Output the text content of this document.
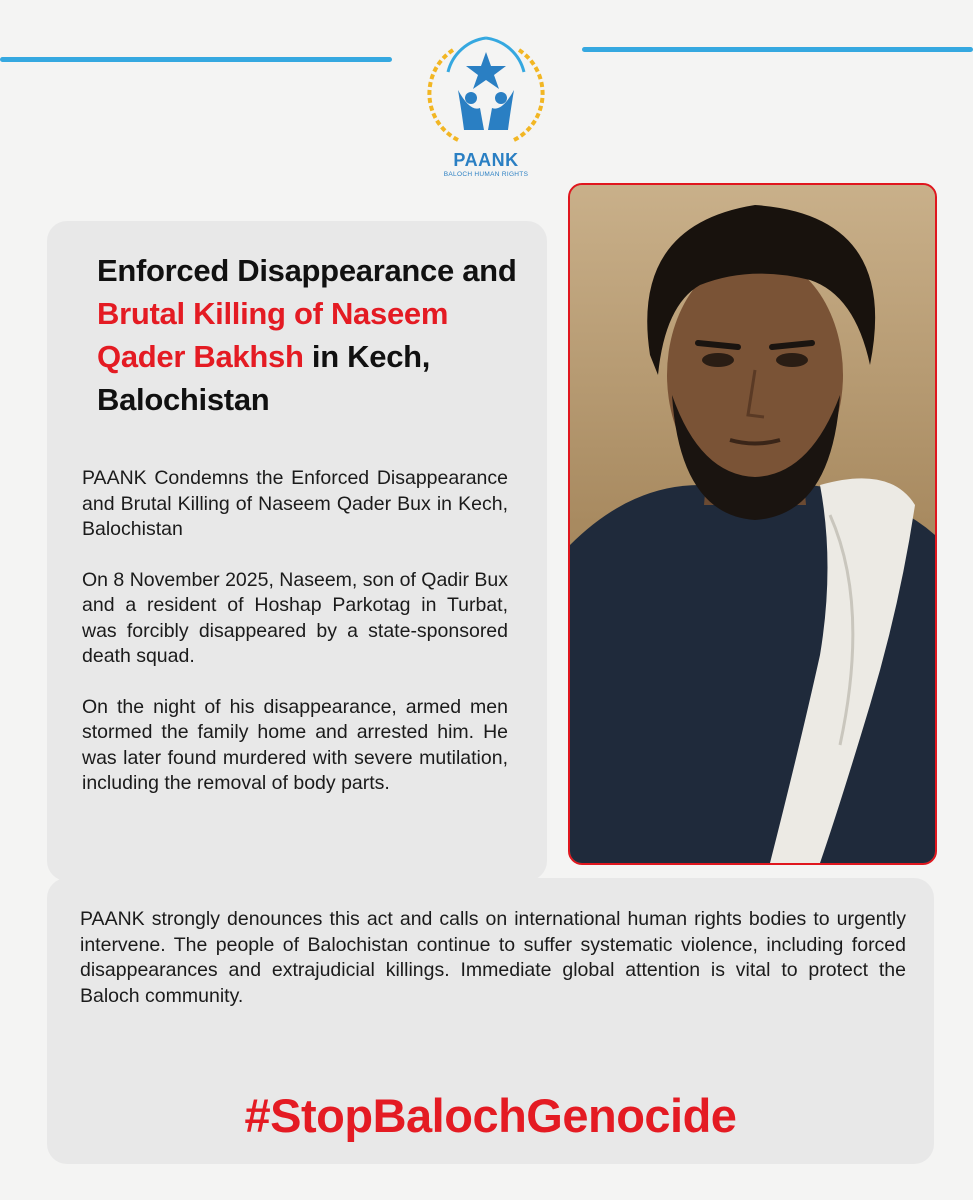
PAANK
BALOCH HUMAN RIGHTS
Enforced Disappearance and Brutal Killing of Naseem Qader Bakhsh in Kech, Balochistan

PAANK Condemns the Enforced Disappearance and Brutal Killing of Naseem Qader Bux in Kech, Balochistan

On 8 November 2025, Naseem, son of Qadir Bux and a resident of Hoshap Parkotag in Turbat, was forcibly disappeared by a state-sponsored death squad.

On the night of his disappearance, armed men stormed the family home and arrested him. He was later found murdered with severe mutilation, including the removal of body parts.

PAANK strongly denounces this act and calls on international human rights bodies to urgently intervene. The people of Balochistan continue to suffer systematic violence, including forced disappearances and extrajudicial killings. Immediate global attention is vital to protect the Baloch community.
#StopBalochGenocide
